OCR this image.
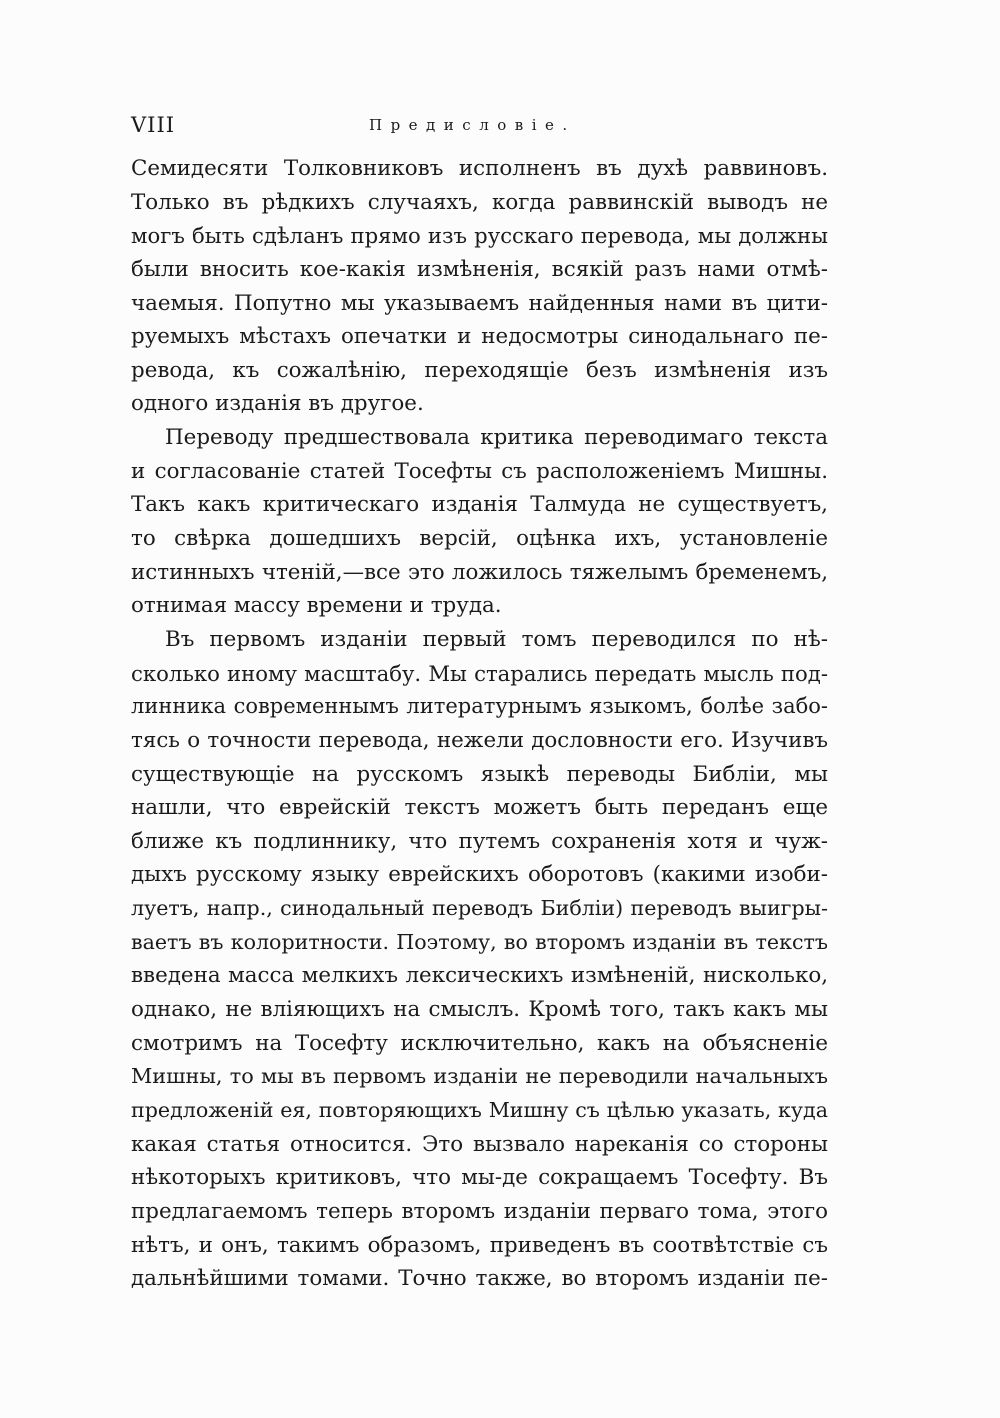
VIII	Предисловіе.
Семидесяти Толковниковъ исполненъ въ духѣ раввиновъ.
Только въ рѣдкихъ случаяхъ, когда раввинскій выводъ не
могъ быть сдѣланъ прямо изъ русскаго перевода, мы должны
были вносить кое-какія измѣненія, всякій разъ нами отмѣ-
чаемыя. Попутно мы указываемъ найденныя нами въ цити-
руемыхъ мѣстахъ опечатки и недосмотры синодальнаго пе-
ревода, къ сожалѣнію, переходящіе безъ измѣненія изъ
одного изданія въ другое.
Переводу предшествовала критика переводимаго текста
и согласованіе статей Тосефты съ расположеніемъ Мишны.
Такъ какъ критическаго изданія Талмуда не существуетъ,
то свѣрка дошедшихъ версій, оцѣнка ихъ, установленіе
истинныхъ чтеній,—все это ложилось тяжелымъ бременемъ,
отнимая массу времени и труда.
Въ первомъ изданіи первый томъ переводился по нѣ-
сколько иному масштабу. Мы старались передать мысль под-
линника современнымъ литературнымъ языкомъ, болѣе забо-
тясь о точности перевода, нежели дословности его. Изучивъ
существующіе на русскомъ языкѣ переводы Библіи, мы
нашли, что еврейскій текстъ можетъ быть переданъ еще
ближе къ подлиннику, что путемъ сохраненія хотя и чуж-
дыхъ русскому языку еврейскихъ оборотовъ (какими изоби-
луетъ, напр., синодальный переводъ Библіи) переводъ выигры-
ваетъ въ колоритности. Поэтому, во второмъ изданіи въ текстъ
введена масса мелкихъ лексическихъ измѣненій, нисколько,
однако, не вліяющихъ на смыслъ. Кромѣ того, такъ какъ мы
смотримъ на Тосефту исключительно, какъ на объясненіе
Мишны, то мы въ первомъ изданіи не переводили начальныхъ
предложеній ея, повторяющихъ Мишну съ цѣлью указать, куда
какая статья относится. Это вызвало нареканія со стороны
нѣкоторыхъ критиковъ, что мы-де сокращаемъ Тосефту. Въ
предлагаемомъ теперь второмъ изданіи перваго тома, этого
нѣтъ, и онъ, такимъ образомъ, приведенъ въ соотвѣтствіе съ
дальнѣйшими томами. Точно также, во второмъ изданіи пе-
